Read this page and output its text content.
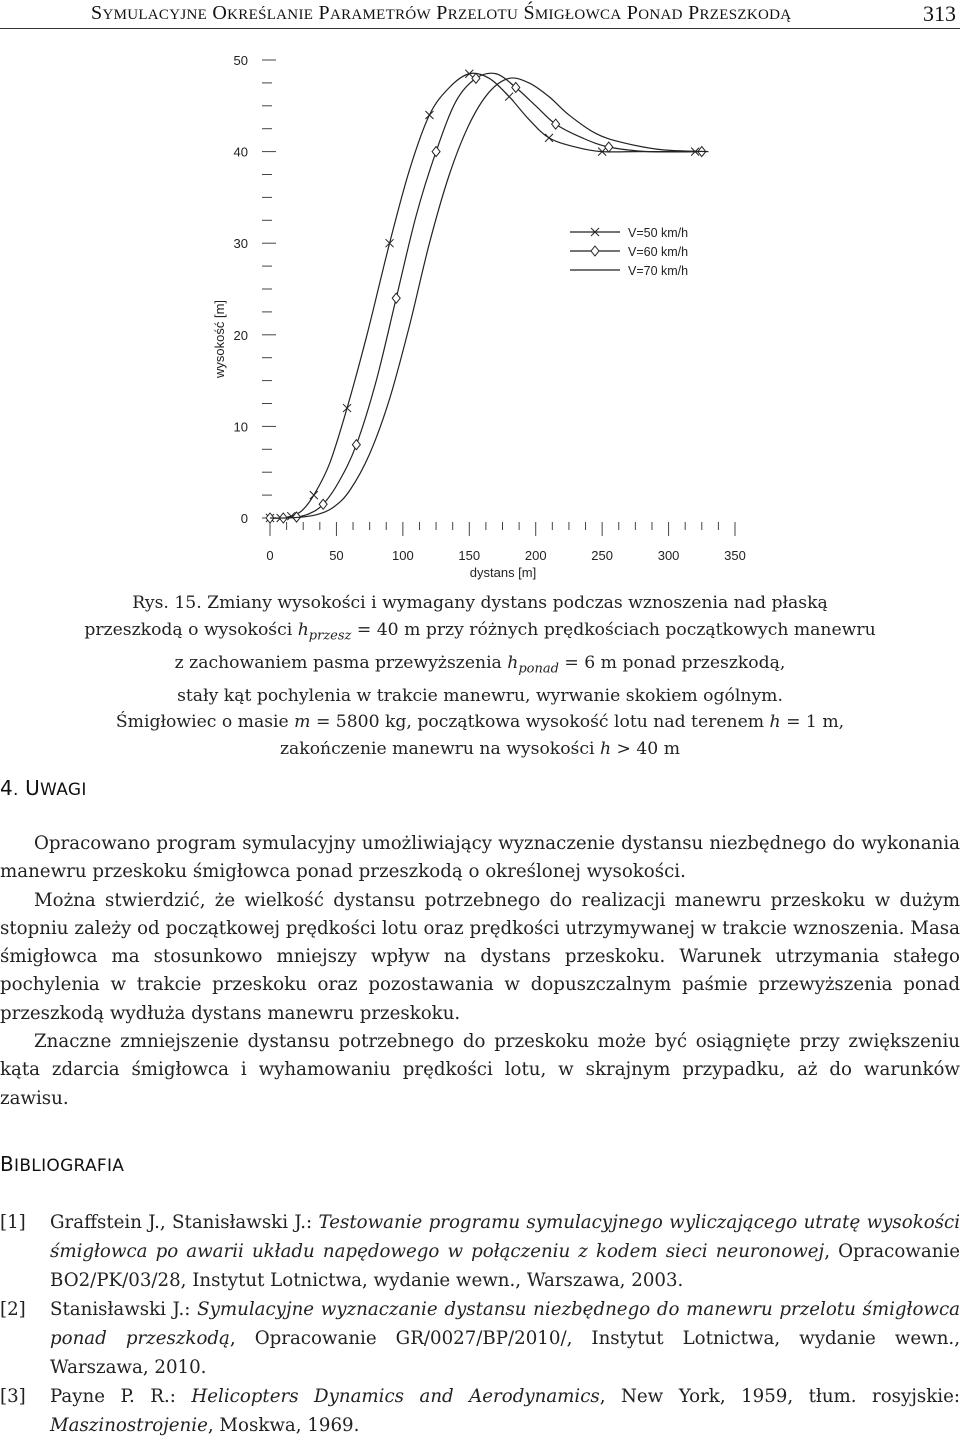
SYMULACYJNE OKREŚLANIE PARAMETRÓW PRZELOTU ŚMIGŁOWCA PONAD PRZESZKODĄ	313
0
10
20
30
40
50
0	50	100	150	200	250	300	350
V=50 km/h
V=60 km/h
V=70 km/h
dystans [m]
wysokość [m]
Rys. 15. Zmiany wysokości i wymagany dystans podczas wznoszenia nad płaską
przeszkodą o wysokości $h_{przesz} = 40$ m przy różnych prędkościach początkowych manewru
z zachowaniem pasma przewyższenia $h_{ponad} = 6$ m ponad przeszkodą,
stały kąt pochylenia w trakcie manewru, wyrwanie skokiem ogólnym.
Śmigłowiec o masie m = 5800 kg, początkowa wysokość lotu nad terenem h = 1 m,
zakończenie manewru na wysokości h > 40 m
4. UWAGI

Opracowano program symulacyjny umożliwiający wyznaczenie dystansu niezbędnego do wykonania manewru przeskoku śmigłowca ponad przeszkodą o określonej wysokości.

Można stwierdzić, że wielkość dystansu potrzebnego do realizacji manewru przeskoku w dużym stopniu zależy od początkowej prędkości lotu oraz prędkości utrzymywanej w trakcie wznoszenia. Masa śmigłowca ma stosunkowo mniejszy wpływ na dystans przeskoku. Warunek utrzymania stałego pochylenia w trakcie przeskoku oraz pozostawania w dopuszczalnym paśmie przewyższenia ponad przeszkodą wydłuża dystans manewru przeskoku.

Znaczne zmniejszenie dystansu potrzebnego do przeskoku może być osiągnięte przy zwiększeniu kąta zdarcia śmigłowca i wyhamowaniu prędkości lotu, w skrajnym przypadku, aż do warunków zawisu.

BIBLIOGRAFIA
[1] Graffstein J., Stanisławski J.: Testowanie programu symulacyjnego wyliczającego utratę wysokości śmigłowca po awarii układu napędowego w połączeniu z kodem sieci neuronowej, Opracowanie BO2/PK/03/28, Instytut Lotnictwa, wydanie wewn., Warszawa, 2003.
[2] Stanisławski J.: Symulacyjne wyznaczanie dystansu niezbędnego do manewru przelotu śmigłowca ponad przeszkodą, Opracowanie GR/0027/BP/2010/, Instytut Lotnictwa, wydanie wewn., Warszawa, 2010.
[3] Payne P. R.: Helicopters Dynamics and Aerodynamics, New York, 1959, tłum. rosyjskie: Maszinostrojenie, Moskwa, 1969.
